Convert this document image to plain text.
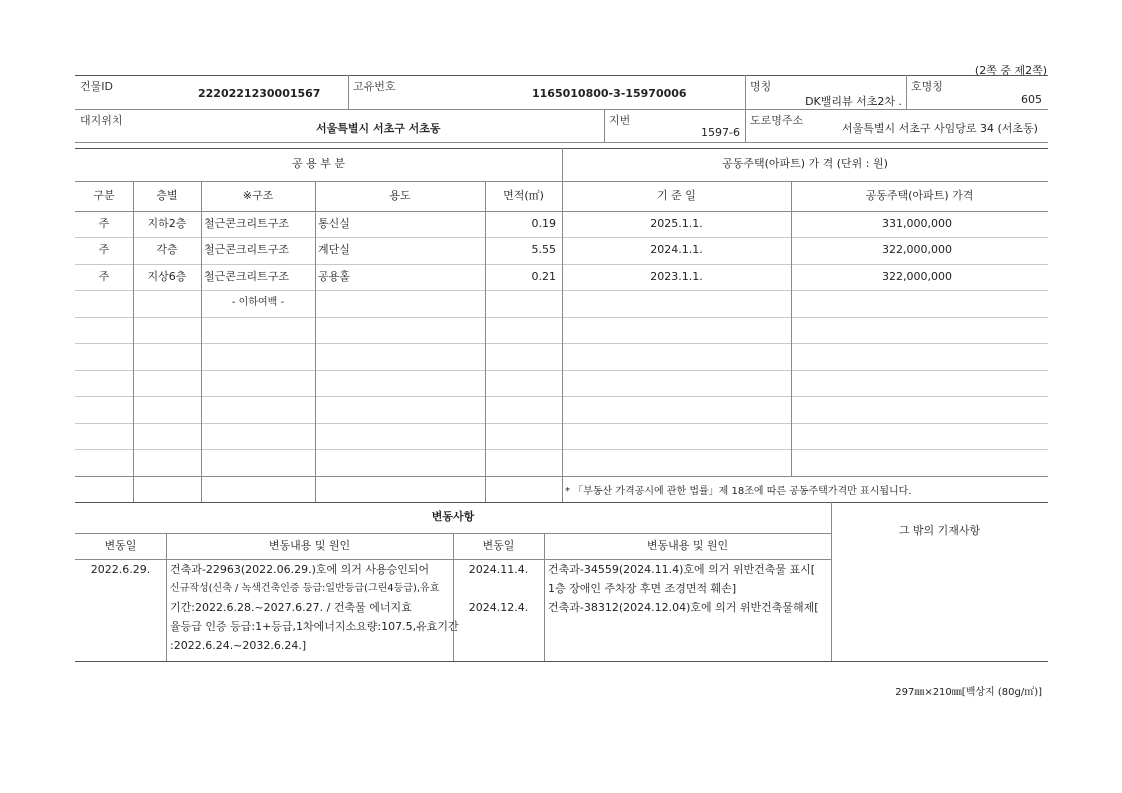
(2쪽 중 제2쪽)
건물ID
2220221230001567
고유번호
1165010800-3-15970006
명칭
DK밸리뷰 서초2차 .
호명칭
605
대지위치
서울특별시 서초구 서초동
지번
1597-6
도로명주소
서울특별시 서초구 사임당로 34 (서초동)
공 용 부 분	공동주택(아파트) 가 격 (단위 : 원)
구분	층별	※구조	용도	면적(㎡)	기 준 일	공동주택(아파트) 가격
주	지하2층	철근콘크리트구조	통신실	0.19	2025.1.1.	331,000,000
주	각층	철근콘크리트구조	계단실	5.55	2024.1.1.	322,000,000
주	지상6층	철근콘크리트구조	공용홀	0.21	2023.1.1.	322,000,000
- 이하여백 -
* 「부동산 가격공시에 관한 법률」제 18조에 따른 공동주택가격만 표시됩니다.
변동사항
그 밖의 기재사항
변동일	변동내용 및 원인	변동일	변동내용 및 원인
2022.6.29.	건축과-22963(2022.06.29.)호에 의거 사용승인되어
신규작성(신축 / 녹색건축인증 등급:일반등급(그린4등급),유효
기간:2022.6.28.~2027.6.27. / 건축물 에너지효
율등급 인증 등급:1+등급,1차에너지소요량:107.5,유효기간
:2022.6.24.~2032.6.24.]
2024.11.4.	건축과-34559(2024.11.4)호에 의거 위반건축물 표시[
1층 장애인 주차장 후면 조경면적 훼손]
2024.12.4.	건축과-38312(2024.12.04)호에 의거 위반건축물해제[
297㎜×210㎜[백상지 (80g/㎡)]
